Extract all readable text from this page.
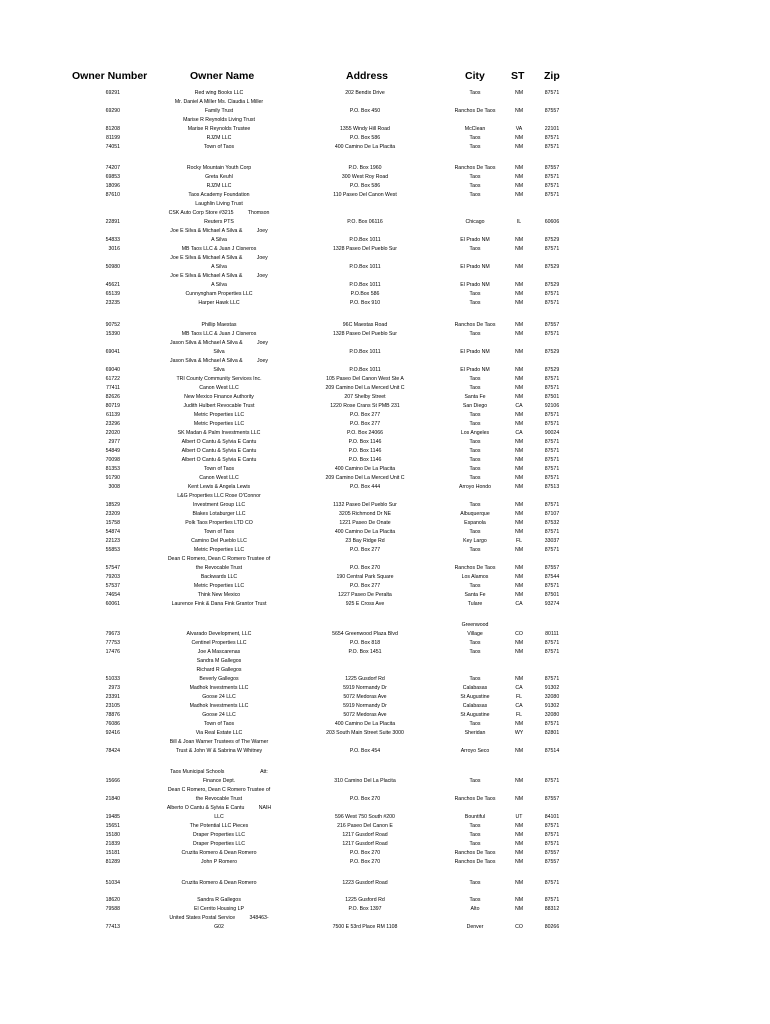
Owner Number	Owner Name	Address	City ST Zip
69291	Red wing Books LLC	202 Bendix Drive	Taos	NM	87571
Mr. Daniel A Miller Ms. Claudia L Miller
69290	Family Trust	P.O. Box 450	Ranchos De Taos	NM	87557
Marise R Reynolds Living Trust
81208	Marise R Reynolds Trustee	1355 Windy Hill Road	McClean	VA	22101
81199	RJZM LLC	P.O. Box 586	Taos	NM	87571
74051	Town of Taos	400 Camino De La Placita	Taos	NM	87571
74207	Rocky Mountain Youth Corp	P.O. Box 1960	Ranchos De Taos	NM	87557
69853	Greta Keuhl	300 West Roy Road	Taos	NM	87571
18096	RJZM LLC	P.O. Box 586	Taos	NM	87571
87610	Taos Academy Foundation	110 Paseo Del Canon West	Taos	NM	87571
Laughlin Living Trust
CSK Auto Corp Store #3215          Thomson
22891	Reuters PTS	P.O. Box 06116	Chicago	IL	60606
Joe E Silva & Michael A Silva &          Joey
54833	A Silva	P.O.Box 1011	El Prado NM	NM	87529
3016	MB Taos LLC & Juan J Cisneros	1328 Paseo Del Pueblo Sur	Taos	NM	87571
Joe E Silva & Michael A Silva &          Joey
50980	A Silva	P.O.Box 1011	El Prado NM	NM	87529
Joe E Silva & Michael A Silva &          Joey
45621	A Silva	P.O.Box 1011	El Prado NM	NM	87529
65139	Cunnyngham Properties LLC	P.O.Box 586	Taos	NM	87571
23235	Harper Hawk LLC	P.O. Box 910	Taos	NM	87571
90752	Phillip Maestas	96C Maestas Road	Ranchos De Taos	NM	87557
15390	MB Taos LLC & Juan J Cisneros	1328 Paseo Del Pueblo Sur	Taos	NM	87571
Jason Silva & Michael A Silva &          Joey
69041	Silva	P.O.Box 1011	El Prado NM	NM	87529
Jason Silva & Michael A Silva &          Joey
69040	Silva	P.O.Box 1011	El Prado NM	NM	87529
61722	TRI County Community Services Inc.	105 Paseo Del Canon West Ste A	Taos	NM	87571
77411	Canon West LLC	209 Camino Del La Merced Unit C	Taos	NM	87571
82626	New Mexico Finance Authority	207 Shelby Street	Santa Fe	NM	87501
80719	Judith Hulbert Revocable Trust	1220 Rose Crans St PMB 231	San Diego	CA	92106
61139	Metric Properties LLC	P.O. Box 277	Taos	NM	87571
23296	Metric Properties LLC	P.O. Box 277	Taos	NM	87571
22020	SK Madan & Palm Investments LLC	P.O. Box 24066	Los Angeles	CA	90024
2977	Albert O Cantu & Sylvia E Cantu	P.O. Box 1146	Taos	NM	87571
54849	Albert O Cantu & Sylvia E Cantu	P.O. Box 1146	Taos	NM	87571
70098	Albert O Cantu & Sylvia E Cantu	P.O. Box 1146	Taos	NM	87571
81353	Town of Taos	400 Camino De La Placita	Taos	NM	87571
91790	Canon West LLC	209 Camino Del La Merced Unit C	Taos	NM	87571
3008	Kent Lewis & Angela Lewis	P.O. Box 444	Arroyo Hondo	NM	87513
L&G Properties LLC Rose O'Connor
18529	Investment Group LLC	1132 Paseo Del Pueblo Sur	Taos	NM	87571
23209	Blakes Lotaburger LLC	3205 Richmond Dr NE	Albuquerque	NM	87107
15758	Polk Taos Properties LTD CO	1221 Paseo De Onate	Espanola	NM	87532
54874	Town of Taos	400 Camino De La Placita	Taos	NM	87571
22123	Camino Del Pueblo LLC	23 Bay Ridge Rd	Key Largo	FL	33037
55853	Metric Properties LLC	P.O. Box 277	Taos	NM	87571
Dean C Romero, Dean C Romero Trustee of
57547	the Revocable Trust	P.O. Box 270	Ranchos De Taos	NM	87557
79203	Backwards LLC	190 Central Park Square	Los Alamos	NM	87544
57537	Metric Properties LLC	P.O. Box 277	Taos	NM	87571
74654	Think New Mexico	1227 Paseo De Peralta	Santa Fe	NM	87501
60061	Laurence Fink & Dana Fink Grantor Trust	925 E Cross Ave	Tulare	CA	93274
Greenwood
79673	Alvarado Development, LLC	5654 Greenwood Plaza Blvd	Village	CO	80111
77753	Centinel Properties LLC	P.O. Box 818	Taos	NM	87571
17476	Joe A Mascarenas	P.O. Box 1451	Taos	NM	87571
Sandra M Gallegos
Richard R Gallegos
51033	Beverly Gallegos	1225 Gusdorf Rd	Taos	NM	87571
2973	Madhok Investments LLC	5919 Normandy Dr	Calabasas	CA	91302
23391	Goose 24 LLC	5072 Medoras Ave	St Augustine	FL	32080
23105	Madhok Investments LLC	5919 Normandy Dr	Calabasas	CA	91302
78876	Goose 24 LLC	5072 Medoras Ave	St Augustine	FL	32080
76086	Town of Taos	400 Camino De La Placita	Taos	NM	87571
92416	Via Real Estate LLC	203 South Main Street Suite 3000	Sheridan	WY	82801
Bill & Joan Warner Trustees of The Warner
78424	Trust & John W & Sabrina W Whitney	P.O. Box 454	Arroyo Seco	NM	87514
Taos Municipal Schools                         Att:
15666	Finance Dept.	310 Camino Del La Placita	Taos	NM	87571
Dean C Romero, Dean C Romero Trustee of
21840	the Revocable Trust	P.O. Box 270	Ranchos De Taos	NM	87557
Alberto O Cantu & Sylvia E Cantu          NAIH
19485	LLC	596 West 750 South #200	Bountiful	UT	84101
15651	The Potential LLC Pieces	216 Paseo Del Canon E	Taos	NM	87571
15180	Draper Properties LLC	1217 Gusdorf Road	Taos	NM	87571
21839	Draper Properties LLC	1217 Gusdorf Road	Taos	NM	87571
15181	Cruzita Romero & Dean Romero	P.O. Box 270	Ranchos De Taos	NM	87557
81289	John P Romero	P.O. Box 270	Ranchos De Taos	NM	87557
51034	Cruzita Romero & Dean Romero	1223 Gusdorf Road	Taos	NM	87571
18620	Sandra R Gallegos	1225 Gusford Rd	Taos	NM	87571
79588	El Cerrito Housing LP	P.O. Box 1397	Alto	NM	88312
United States Postal Service          348463-
77413	G02	7500 E 53rd Place RM 1108	Denver	CO	80266
